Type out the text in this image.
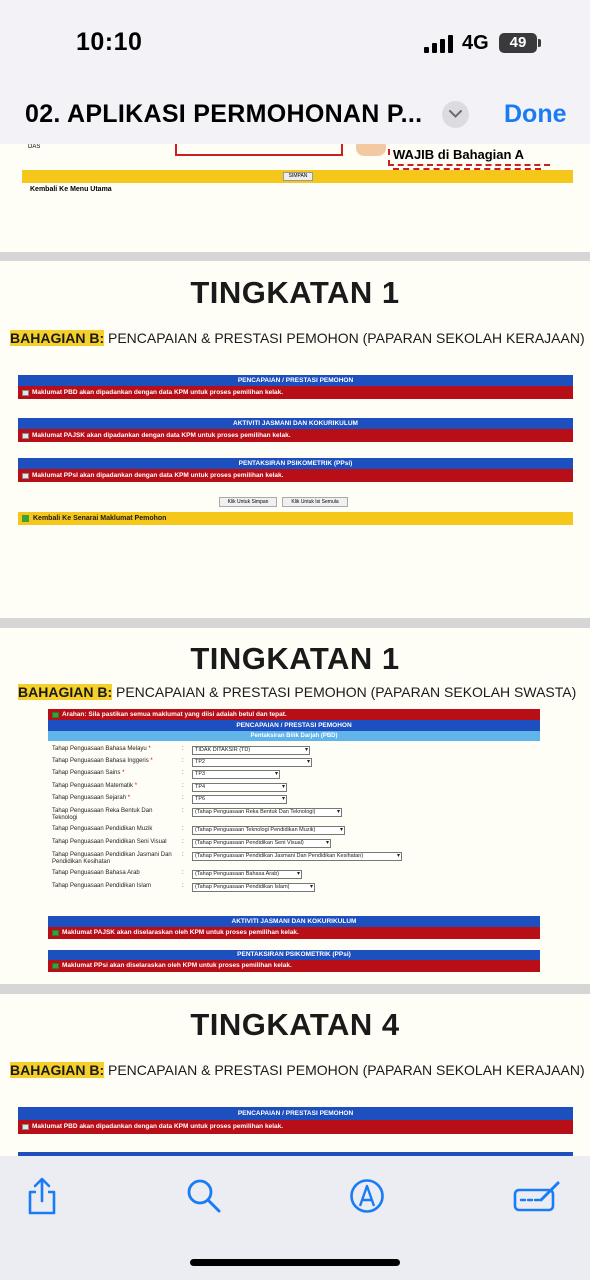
10:10	4G	49
02. APLIKASI PERMOHONAN P...	Done
DAS	WAJIB di Bahagian A
SIMPAN
Kembali Ke Menu Utama
TINGKATAN 1
BAHAGIAN B: PENCAPAIAN & PRESTASI PEMOHON (PAPARAN SEKOLAH KERAJAAN)
PENCAPAIAN / PRESTASI PEMOHON
Maklumat PBD akan dipadankan dengan data KPM untuk proses pemilihan kelak.
AKTIVITI JASMANI DAN KOKURIKULUM
Maklumat PAJSK akan dipadankan dengan data KPM untuk proses pemilihan kelak.
PENTAKSIRAN PSIKOMETRIK (PPsi)
Maklumat PPsI akan dipadankan dengan data KPM untuk proses pemilihan kelak.
Klik Untuk Simpan	Klik Untuk Isi Semula
Kembali Ke Senarai Maklumat Pemohon
TINGKATAN 1
BAHAGIAN B: PENCAPAIAN & PRESTASI PEMOHON (PAPARAN SEKOLAH SWASTA)
Arahan: Sila pastikan semua maklumat yang diisi adalah betul dan tepat.
PENCAPAIAN / PRESTASI PEMOHON
Pentaksiran Bilik Darjah (PBD)
Tahap Penguasaan Bahasa Melayu *	:	TIDAK DITAKSIR (TD) ▾
Tahap Penguasaan Bahasa Inggeris *	:	TP2 ▾
Tahap Penguasaan Sains *	:	TP3 ▾
Tahap Penguasaan Matematik *	:	TP4 ▾
Tahap Penguasaan Sejarah *	:	TP6 ▾
Tahap Penguasaan Reka Bentuk Dan Teknologi
:	(Tahap Penguasaan Reka Bentuk Dan Teknologi) ▾
Tahap Penguasaan Pendidikan Muzik	:	(Tahap Penguasaan Teknologi Pendidikan Muzik) ▾
Tahap Penguasaan Pendidikan Seni Visual	:	(Tahap Penguasaan Pendidikan Seni Visual) ▾
Tahap Penguasaan Pendidikan Jasmani Dan Pendidikan Kesihatan
:	(Tahap Penguasaan Pendidikan Jasmani Dan Pendidikan Kesihatan) ▾
Tahap Penguasaan Bahasa Arab	:	(Tahap Penguasaan Bahasa Arab) ▾
Tahap Penguasaan Pendidikan Islam	:	(Tahap Penguasaan Pendidikan Islam) ▾
AKTIVITI JASMANI DAN KOKURIKULUM
Maklumat PAJSK akan diselaraskan oleh KPM untuk proses pemilihan kelak.
PENTAKSIRAN PSIKOMETRIK (PPsi)
Maklumat PPsi akan diselaraskan oleh KPM untuk proses pemilihan kelak.
TINGKATAN 4
BAHAGIAN B: PENCAPAIAN & PRESTASI PEMOHON (PAPARAN SEKOLAH KERAJAAN)
PENCAPAIAN / PRESTASI PEMOHON
Maklumat PBD akan dipadankan dengan data KPM untuk proses pemilihan kelak.
